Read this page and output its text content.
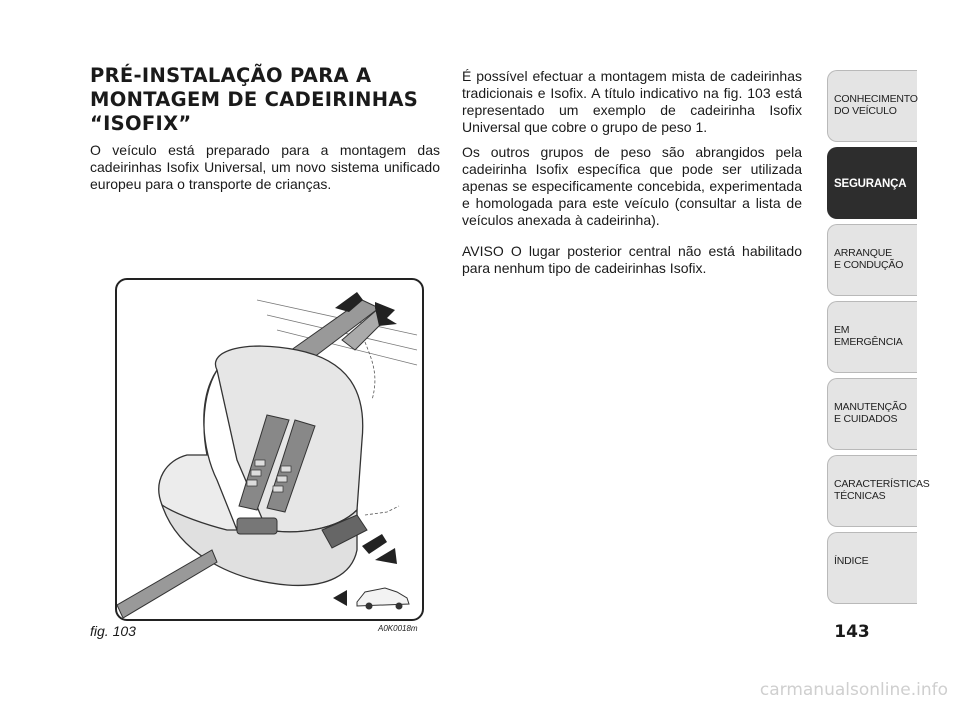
PRÉ-INSTALAÇÃO PARA A
MONTAGEM DE CADEIRINHAS
“ISOFIX”

O veículo está preparado para a montagem das cadeirinhas Isofix Universal, um novo sistema unificado europeu para o transporte de crianças.

É possível efectuar a montagem mista de cadeirinhas tradicionais e Isofix. A título indicativo na fig. 103 está representado um exemplo de cadeirinha Isofix Universal que cobre o grupo de peso 1.

Os outros grupos de peso são abrangidos pela cadeirinha Isofix específica que pode ser utilizada apenas se especificamente concebida, experimentada e homologada para este veículo (consultar a lista de veículos anexada à cadeirinha).

AVISO O lugar posterior central não está habilitado para nenhum tipo de cadeirinhas Isofix.

fig. 103	A0K0018m
CONHECIMENTO
DO VEÍCULO
SEGURANÇA
ARRANQUE
E CONDUÇÃO
EM EMERGÊNCIA
MANUTENÇÃO
E CUIDADOS
CARACTERÍSTICAS
TÉCNICAS
ÍNDICE
143
carmanualsonline.info
